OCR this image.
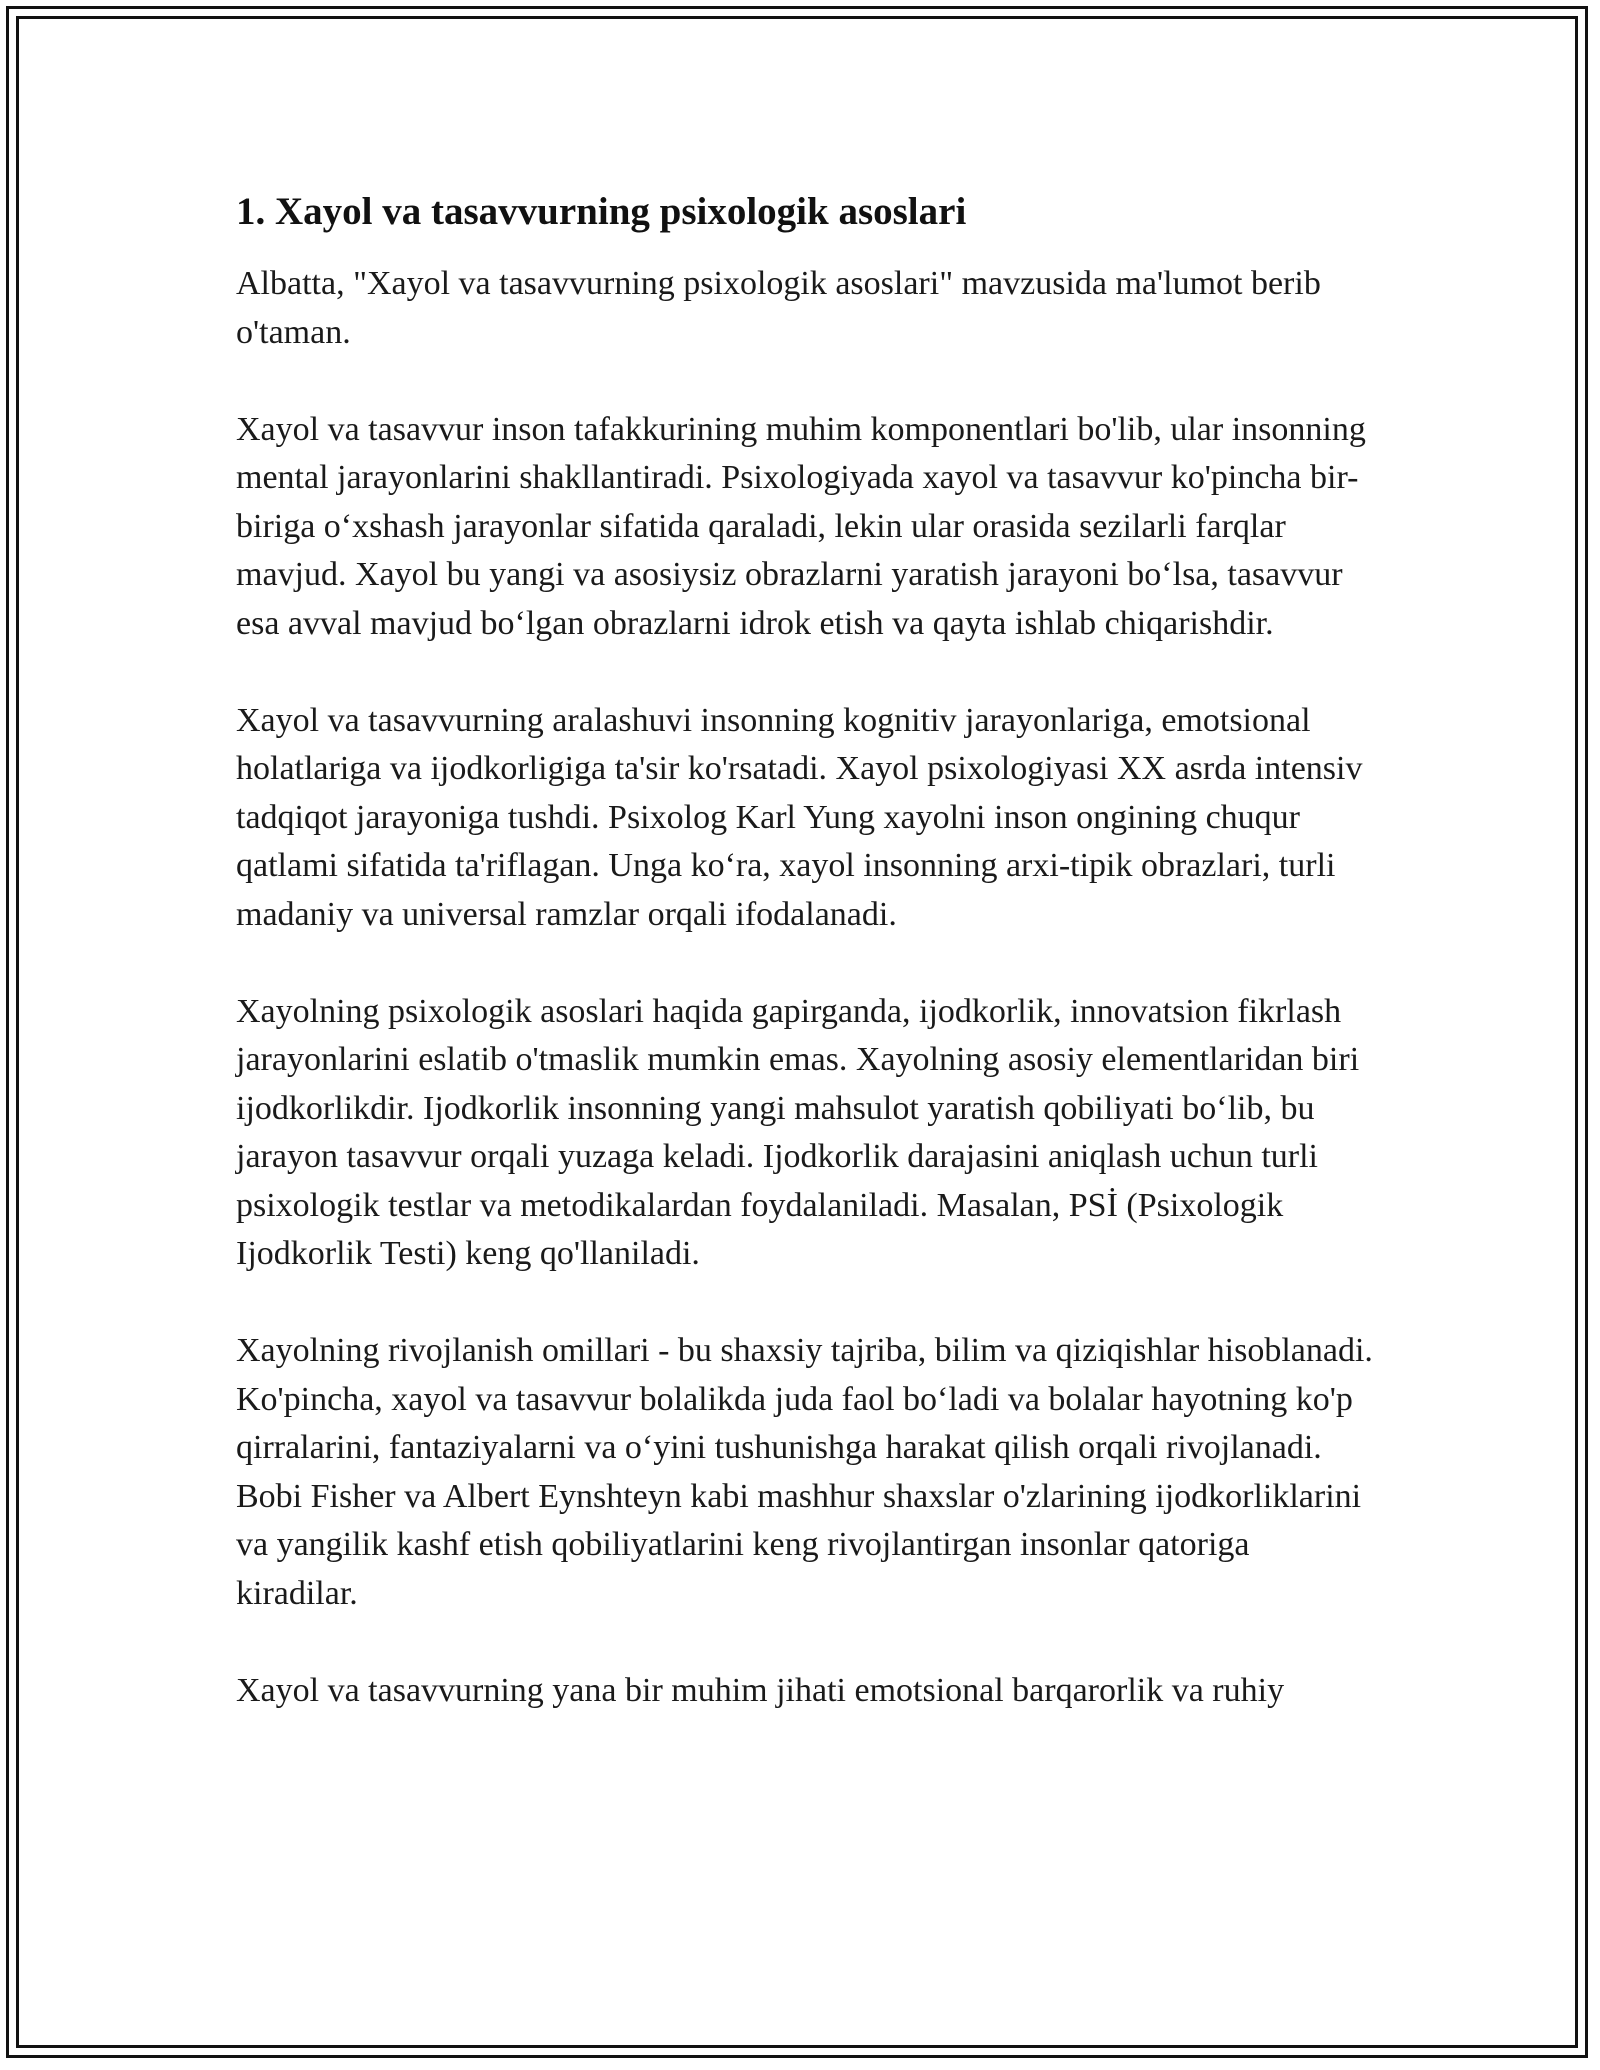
1. Xayol va tasavvurning psixologik asoslari

Albatta, "Xayol va tasavvurning psixologik asoslari" mavzusida ma'lumot berib o'taman.

Xayol va tasavvur inson tafakkurining muhim komponentlari bo'lib, ular insonning mental jarayonlarini shakllantiradi. Psixologiyada xayol va tasavvur ko'pincha bir-biriga o‘xshash jarayonlar sifatida qaraladi, lekin ular orasida sezilarli farqlar mavjud. Xayol bu yangi va asosiysiz obrazlarni yaratish jarayoni bo‘lsa, tasavvur esa avval mavjud bo‘lgan obrazlarni idrok etish va qayta ishlab chiqarishdir.

Xayol va tasavvurning aralashuvi insonning kognitiv jarayonlariga, emotsional holatlariga va ijodkorligiga ta'sir ko'rsatadi. Xayol psixologiyasi XX asrda intensiv tadqiqot jarayoniga tushdi. Psixolog Karl Yung xayolni inson ongining chuqur qatlami sifatida ta'riflagan. Unga ko‘ra, xayol insonning arxi-tipik obrazlari, turli madaniy va universal ramzlar orqali ifodalanadi.

Xayolning psixologik asoslari haqida gapirganda, ijodkorlik, innovatsion fikrlash jarayonlarini eslatib o'tmaslik mumkin emas. Xayolning asosiy elementlaridan biri ijodkorlikdir. Ijodkorlik insonning yangi mahsulot yaratish qobiliyati bo‘lib, bu jarayon tasavvur orqali yuzaga keladi. Ijodkorlik darajasini aniqlash uchun turli psixologik testlar va metodikalardan foydalaniladi. Masalan, PSİ (Psixologik Ijodkorlik Testi) keng qo'llaniladi.

Xayolning rivojlanish omillari - bu shaxsiy tajriba, bilim va qiziqishlar hisoblanadi. Ko'pincha, xayol va tasavvur bolalikda juda faol bo‘ladi va bolalar hayotning ko'p qirralarini, fantaziyalarni va o‘yini tushunishga harakat qilish orqali rivojlanadi. Bobi Fisher va Albert Eynshteyn kabi mashhur shaxslar o'zlarining ijodkorliklarini va yangilik kashf etish qobiliyatlarini keng rivojlantirgan insonlar qatoriga kiradilar.

Xayol va tasavvurning yana bir muhim jihati emotsional barqarorlik va ruhiy
